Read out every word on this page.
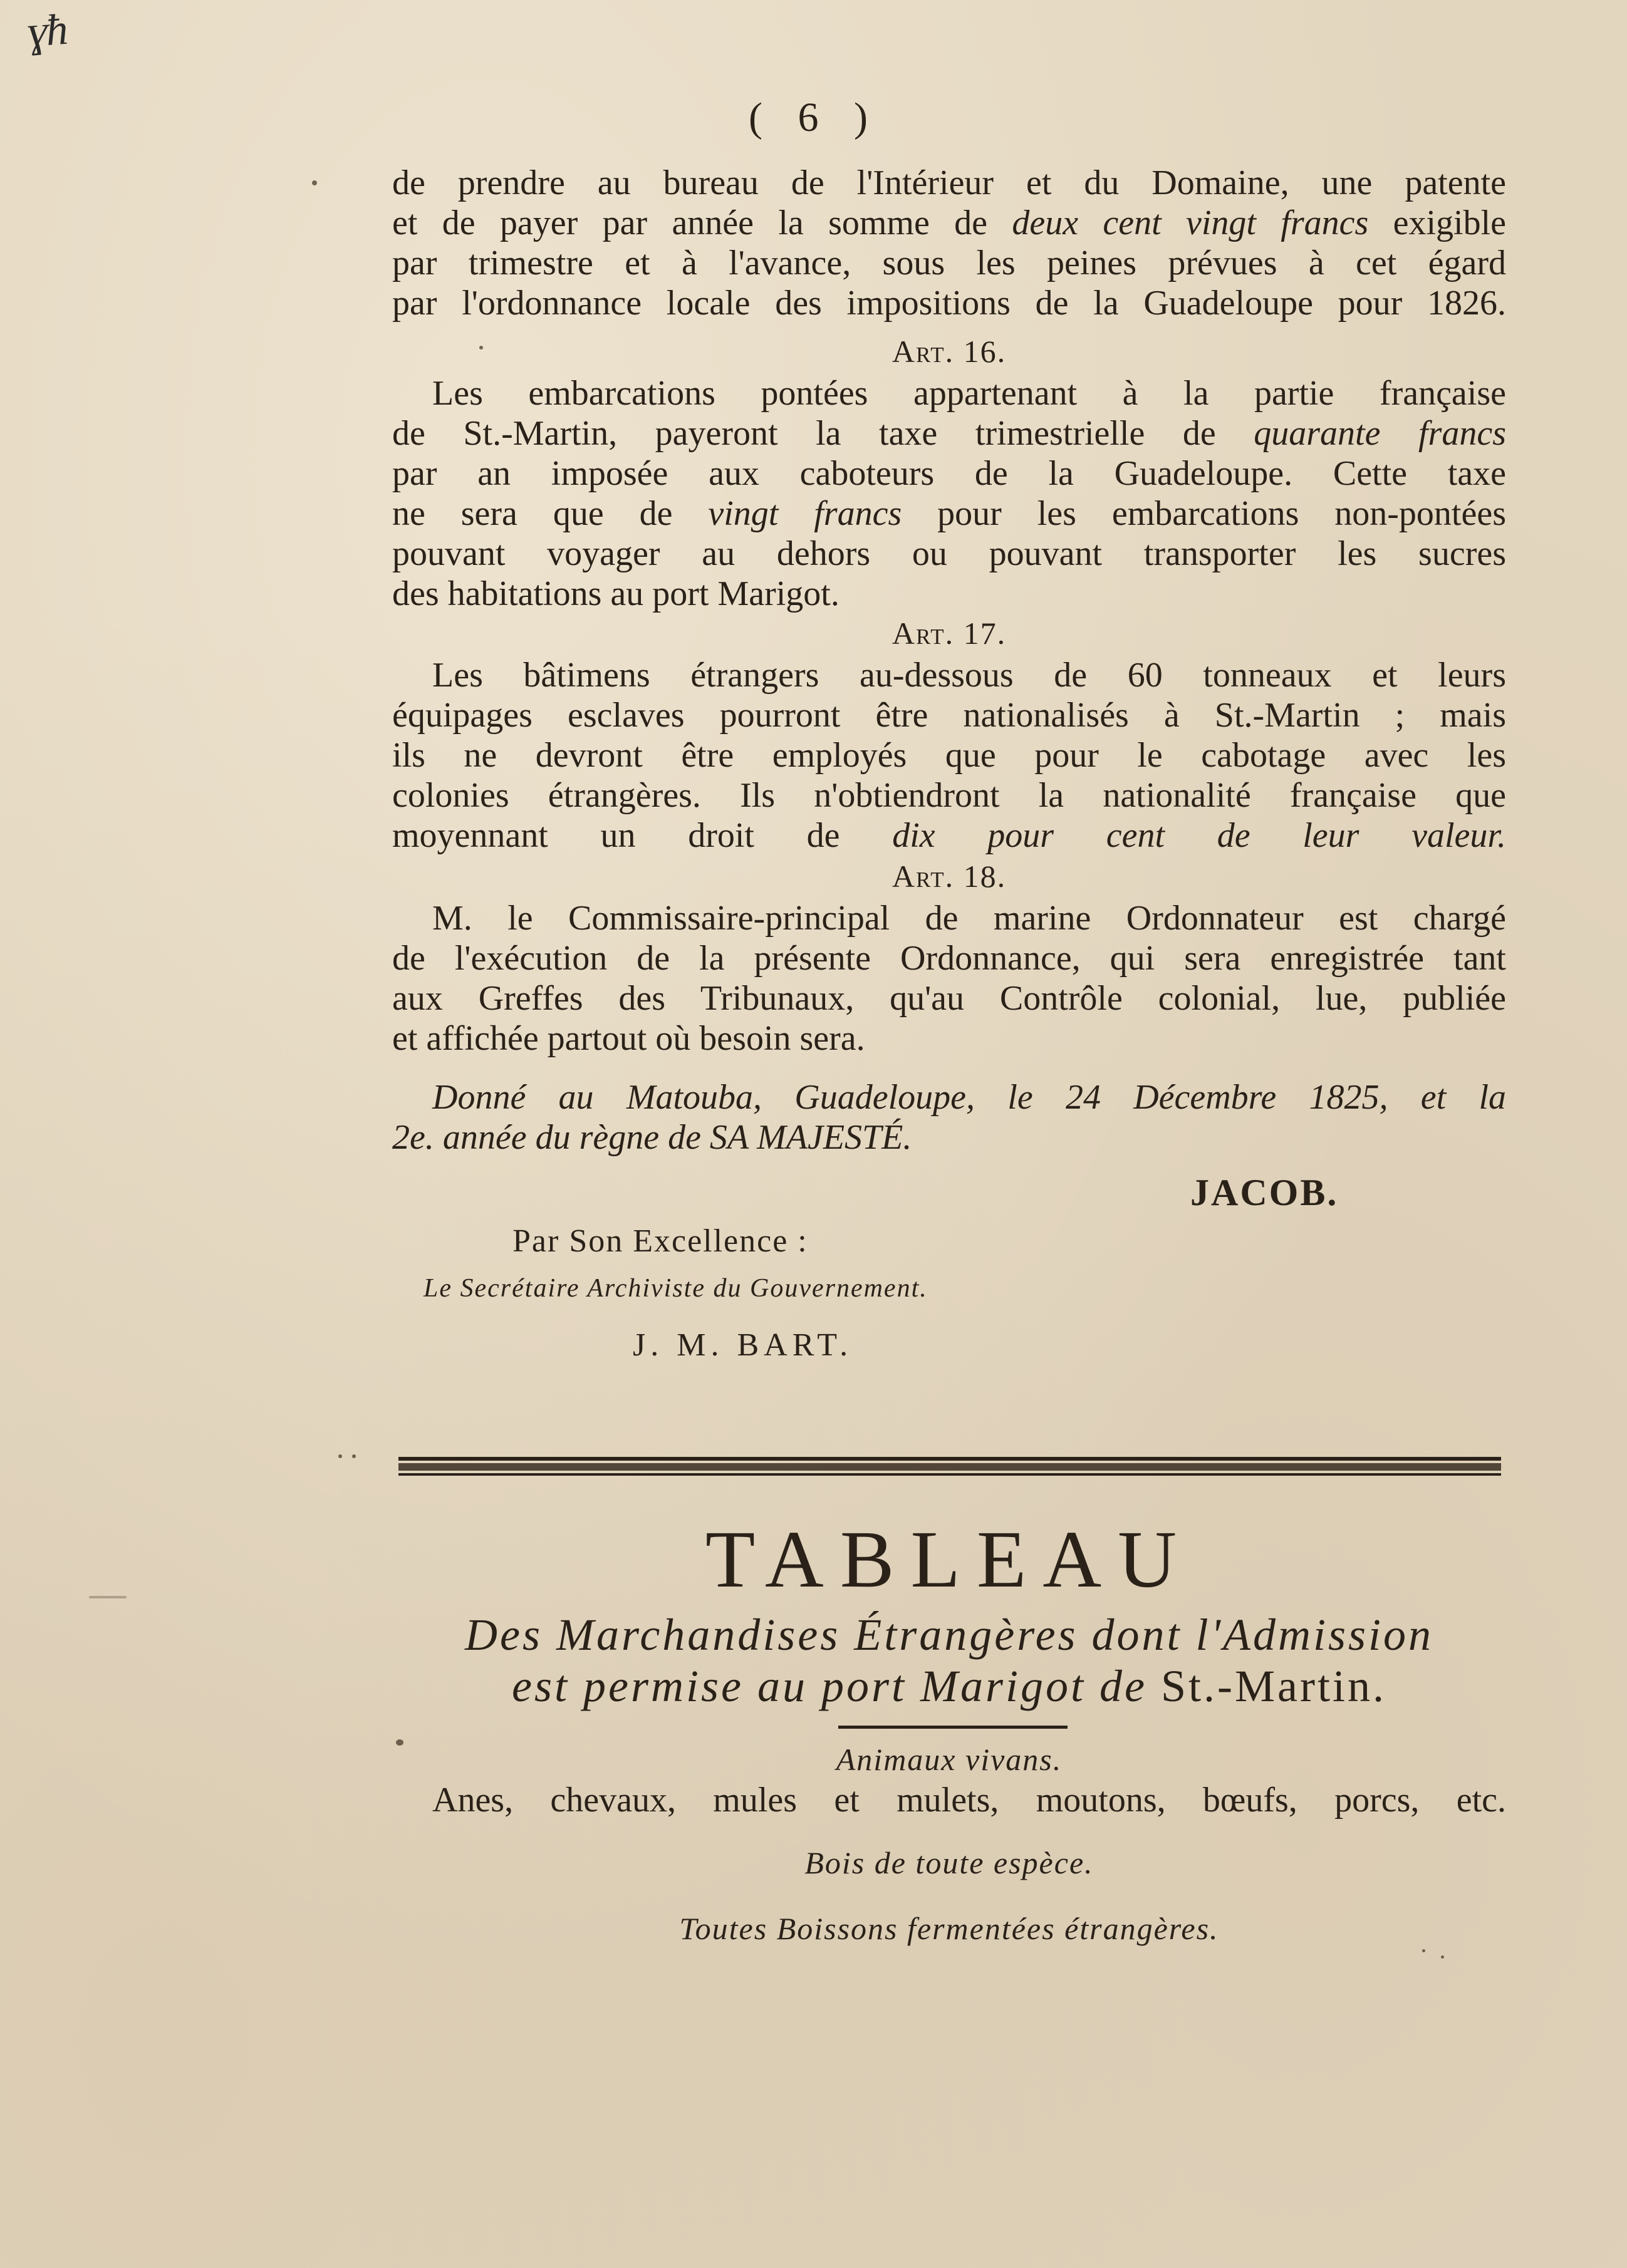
ɣħ
( 6 )
de prendre au bureau de l'Intérieur et du Domaine, une patente
et de payer par année la somme de deux cent vingt francs exigible
par trimestre et à l'avance, sous les peines prévues à cet égard
par l'ordonnance locale des impositions de la Guadeloupe pour 1826.
Art. 16.
Les embarcations pontées appartenant à la partie française
de St.-Martin, payeront la taxe trimestrielle de quarante francs
par an imposée aux caboteurs de la Guadeloupe. Cette taxe
ne sera que de vingt francs pour les embarcations non-pontées
pouvant voyager au dehors ou pouvant transporter les sucres
des habitations au port Marigot.
Art. 17.
Les bâtimens étrangers au-dessous de 60 tonneaux et leurs
équipages esclaves pourront être nationalisés à St.-Martin ; mais
ils ne devront être employés que pour le cabotage avec les
colonies étrangères. Ils n'obtiendront la nationalité française que
moyennant un droit de dix pour cent de leur valeur.
Art. 18.
M. le Commissaire-principal de marine Ordonnateur est chargé
de l'exécution de la présente Ordonnance, qui sera enregistrée tant
aux Greffes des Tribunaux, qu'au Contrôle colonial, lue, publiée
et affichée partout où besoin sera.
Donné au Matouba, Guadeloupe, le 24 Décembre 1825, et la
2e. année du règne de SA MAJESTÉ.
JACOB.
Par Son Excellence :
Le Secrétaire Archiviste du Gouvernement.
J. M. BART.
TABLEAU
Des Marchandises Étrangères dont l'Admission
est permise au port Marigot de St.-Martin.
Animaux vivans.
Anes, chevaux, mules et mulets, moutons, bœufs, porcs, etc.
Bois de toute espèce.
Toutes Boissons fermentées étrangères.
